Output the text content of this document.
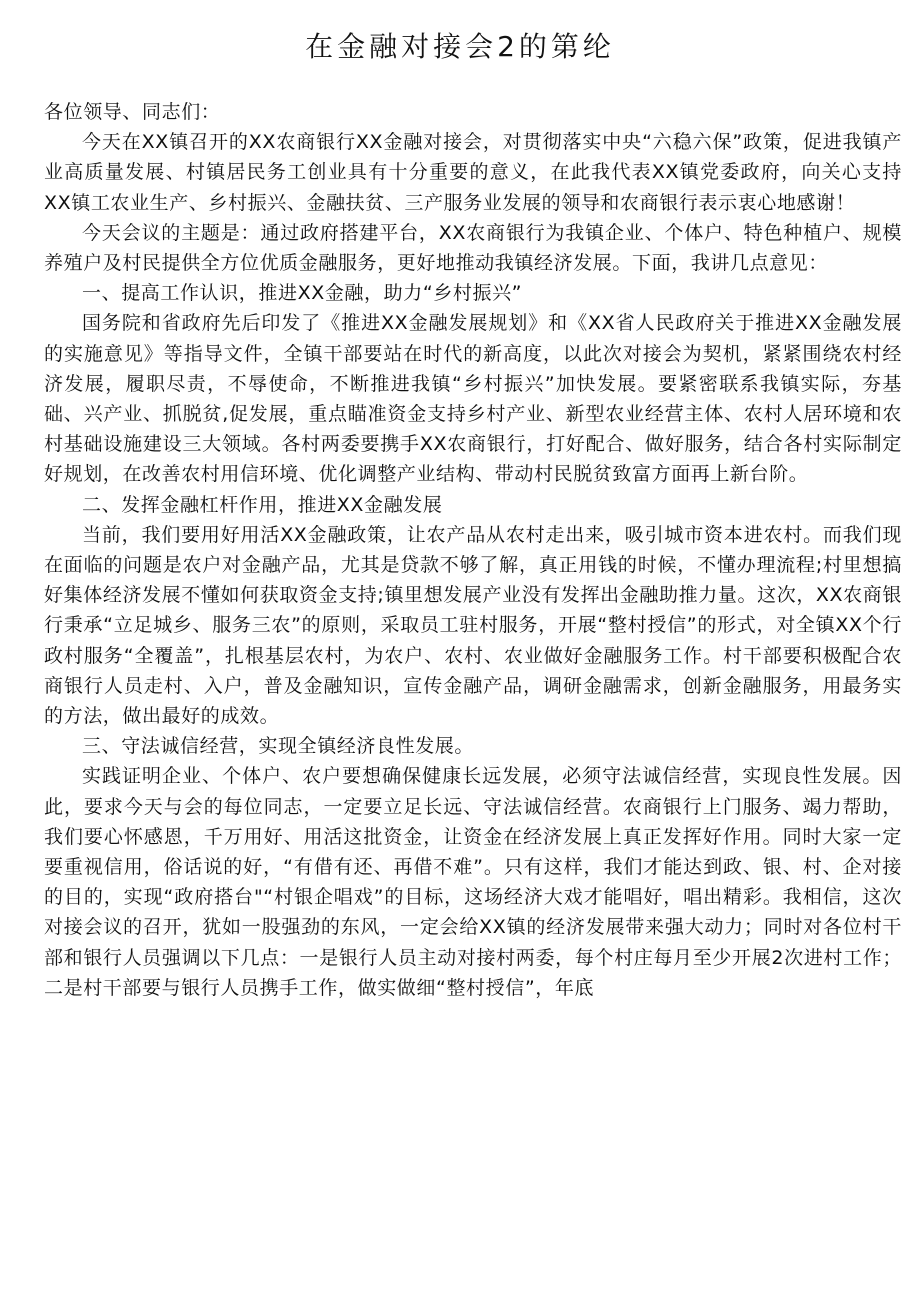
在金融对接会2的第纶

各位领导、同志们：

今天在XX镇召开的XX农商银行XX金融对接会，对贯彻落实中央“六稳六保”政策，促进我镇产业高质量发展、村镇居民务工创业具有十分重要的意义，在此我代表XX镇党委政府，向关心支持XX镇工农业生产、乡村振兴、金融扶贫、三产服务业发展的领导和农商银行表示衷心地感谢！

今天会议的主题是：通过政府搭建平台，XX农商银行为我镇企业、个体户、特色种植户、规模养殖户及村民提供全方位优质金融服务，更好地推动我镇经济发展。下面，我讲几点意见：

一、提高工作认识，推进XX金融，助力“乡村振兴”

国务院和省政府先后印发了《推进XX金融发展规划》和《XX省人民政府关于推进XX金融发展的实施意见》等指导文件，全镇干部要站在时代的新高度，以此次对接会为契机，紧紧围绕农村经济发展，履职尽责，不辱使命，不断推进我镇“乡村振兴”加快发展。要紧密联系我镇实际，夯基础、兴产业、抓脱贫,促发展，重点瞄准资金支持乡村产业、新型农业经营主体、农村人居环境和农村基础设施建设三大领域。各村两委要携手XX农商银行，打好配合、做好服务，结合各村实际制定好规划，在改善农村用信环境、优化调整产业结构、带动村民脱贫致富方面再上新台阶。

二、发挥金融杠杆作用，推进XX金融发展

当前，我们要用好用活XX金融政策，让农产品从农村走出来，吸引城市资本进农村。而我们现在面临的问题是农户对金融产品，尤其是贷款不够了解，真正用钱的时候，不懂办理流程;村里想搞好集体经济发展不懂如何获取资金支持;镇里想发展产业没有发挥出金融助推力量。这次，XX农商银行秉承“立足城乡、服务三农”的原则，采取员工驻村服务，开展“整村授信”的形式，对全镇XX个行政村服务“全覆盖”，扎根基层农村，为农户、农村、农业做好金融服务工作。村干部要积极配合农商银行人员走村、入户，普及金融知识，宣传金融产品，调研金融需求，创新金融服务，用最务实的方法，做出最好的成效。

三、守法诚信经营，实现全镇经济良性发展。

实践证明企业、个体户、农户要想确保健康长远发展，必须守法诚信经营，实现良性发展。因此，要求今天与会的每位同志，一定要立足长远、守法诚信经营。农商银行上门服务、竭力帮助，我们要心怀感恩，千万用好、用活这批资金，让资金在经济发展上真正发挥好作用。同时大家一定要重视信用，俗话说的好，“有借有还、再借不难”。只有这样，我们才能达到政、银、村、企对接的目的，实现“政府搭台"“村银企唱戏”的目标，这场经济大戏才能唱好，唱出精彩。我相信，这次对接会议的召开，犹如一股强劲的东风，一定会给XX镇的经济发展带来强大动力；同时对各位村干部和银行人员强调以下几点：一是银行人员主动对接村两委，每个村庄每月至少开展2次进村工作；二是村干部要与银行人员携手工作，做实做细“整村授信”，年底
